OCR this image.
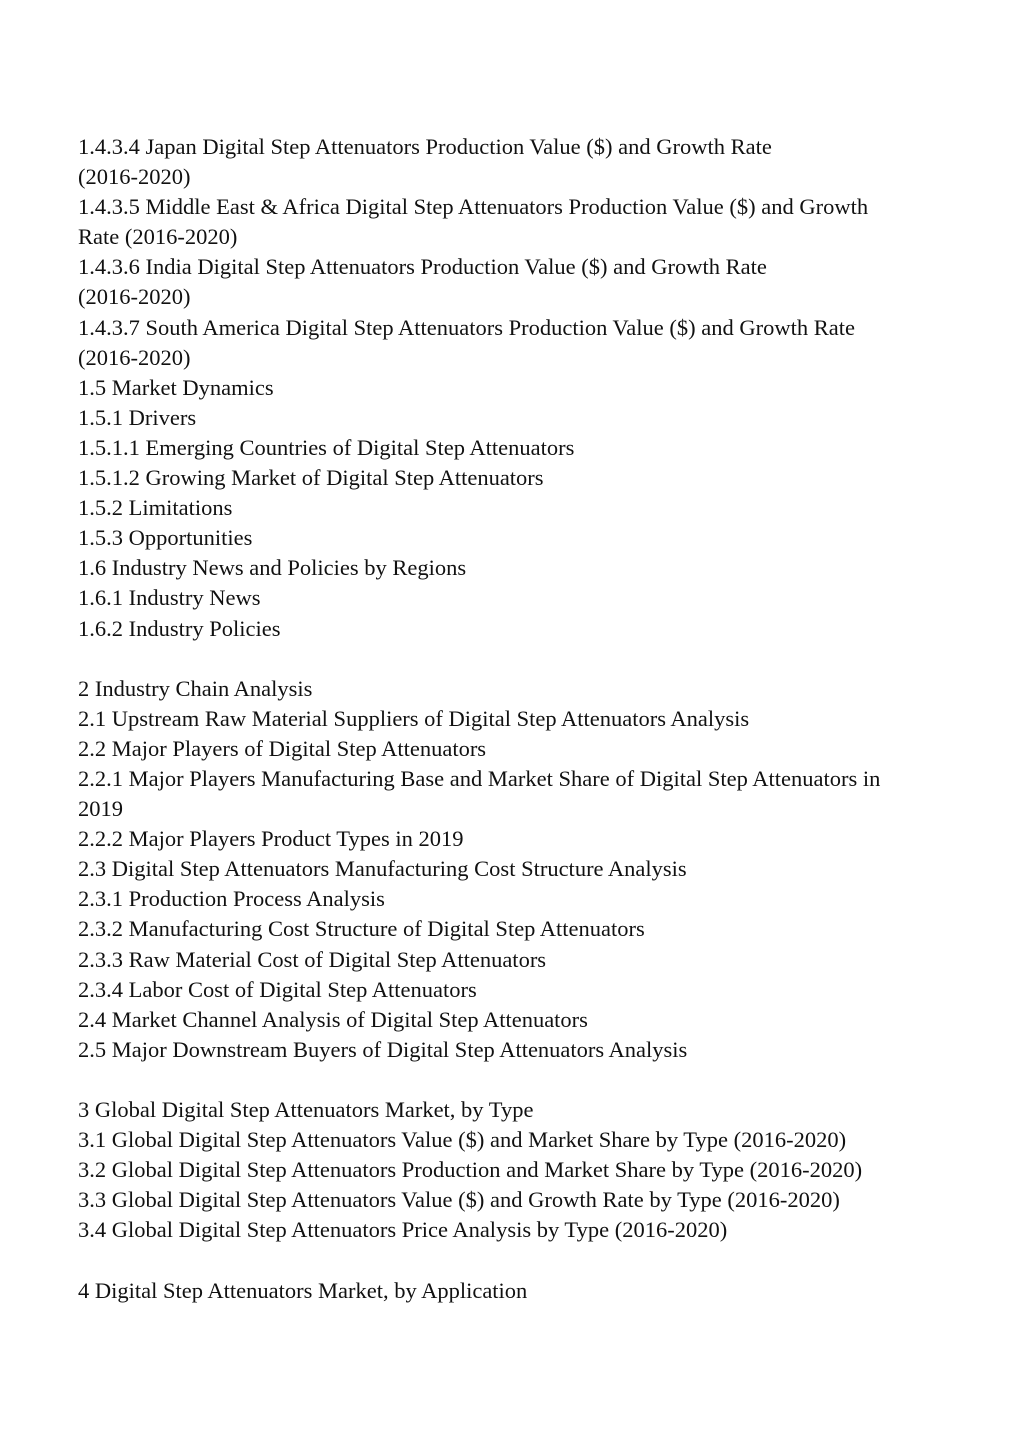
1.4.3.4 Japan Digital Step Attenuators Production Value ($) and Growth Rate
(2016-2020)
1.4.3.5 Middle East & Africa Digital Step Attenuators Production Value ($) and Growth
Rate (2016-2020)
1.4.3.6 India Digital Step Attenuators Production Value ($) and Growth Rate
(2016-2020)
1.4.3.7 South America Digital Step Attenuators Production Value ($) and Growth Rate
(2016-2020)
1.5 Market Dynamics
1.5.1 Drivers
1.5.1.1 Emerging Countries of Digital Step Attenuators
1.5.1.2 Growing Market of Digital Step Attenuators
1.5.2 Limitations
1.5.3 Opportunities
1.6 Industry News and Policies by Regions
1.6.1 Industry News
1.6.2 Industry Policies
2 Industry Chain Analysis
2.1 Upstream Raw Material Suppliers of Digital Step Attenuators Analysis
2.2 Major Players of Digital Step Attenuators
2.2.1 Major Players Manufacturing Base and Market Share of Digital Step Attenuators in
2019
2.2.2 Major Players Product Types in 2019
2.3 Digital Step Attenuators Manufacturing Cost Structure Analysis
2.3.1 Production Process Analysis
2.3.2 Manufacturing Cost Structure of Digital Step Attenuators
2.3.3 Raw Material Cost of Digital Step Attenuators
2.3.4 Labor Cost of Digital Step Attenuators
2.4 Market Channel Analysis of Digital Step Attenuators
2.5 Major Downstream Buyers of Digital Step Attenuators Analysis
3 Global Digital Step Attenuators Market, by Type
3.1 Global Digital Step Attenuators Value ($) and Market Share by Type (2016-2020)
3.2 Global Digital Step Attenuators Production and Market Share by Type (2016-2020)
3.3 Global Digital Step Attenuators Value ($) and Growth Rate by Type (2016-2020)
3.4 Global Digital Step Attenuators Price Analysis by Type (2016-2020)
4 Digital Step Attenuators Market, by Application
